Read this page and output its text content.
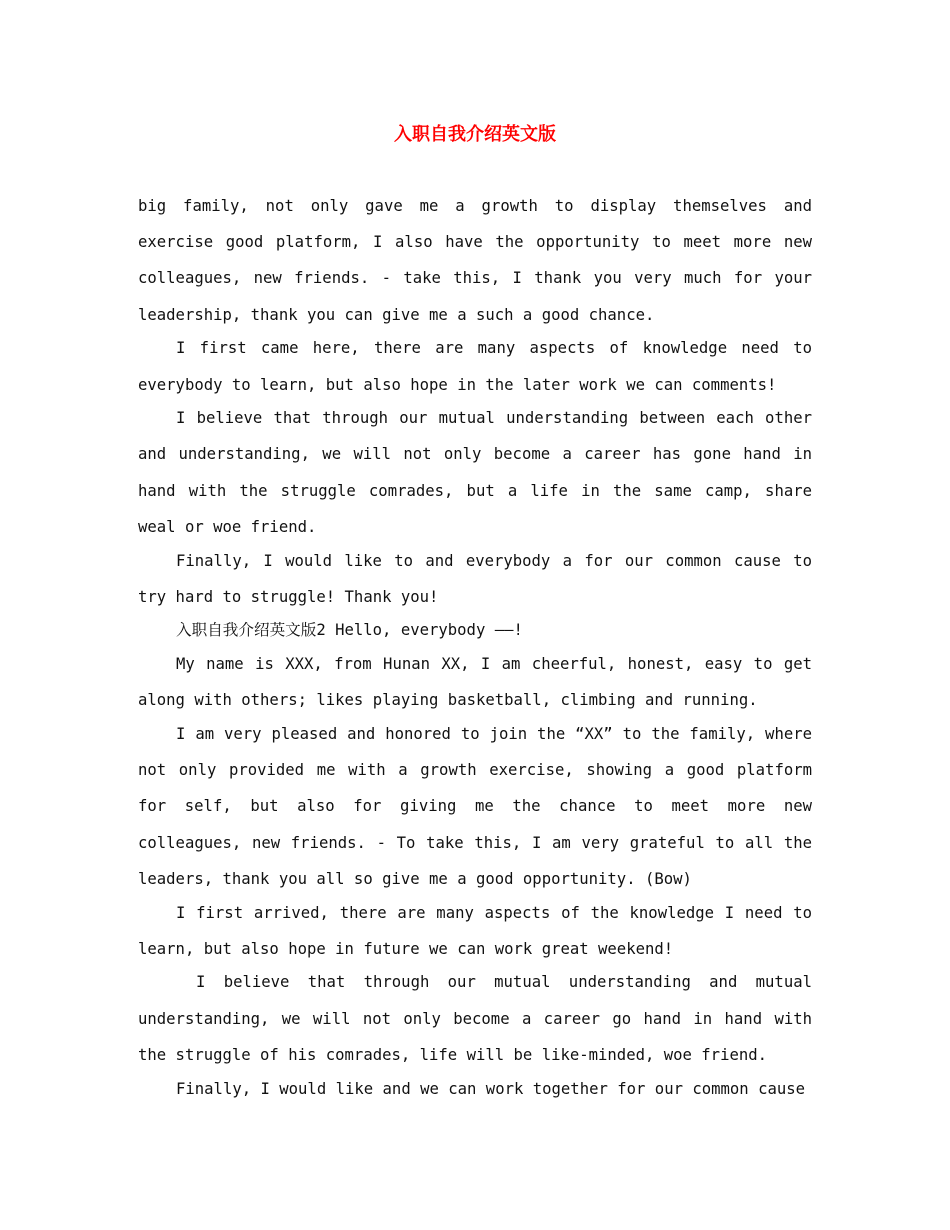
入职自我介绍英文版

big family, not only gave me a growth to display themselves and exercise good platform, I also have the opportunity to meet more new colleagues, new friends. - take this, I thank you very much for your leadership, thank you can give me a such a good chance.

I first came here, there are many aspects of knowledge need to everybody to learn, but also hope in the later work we can comments!

I believe that through our mutual understanding between each other and understanding, we will not only become a career has gone hand in hand with the struggle comrades, but a life in the same camp, share weal or woe friend.

Finally, I would like to and everybody a for our common cause to try hard to struggle! Thank you!

入职自我介绍英文版2 Hello, everybody ——!

My name is XXX, from Hunan XX, I am cheerful, honest, easy to get along with others; likes playing basketball, climbing and running.

I am very pleased and honored to join the “XX” to the family, where not only provided me with a growth exercise, showing a good platform for self, but also for giving me the chance to meet more new colleagues, new friends. - To take this, I am very grateful to all the leaders, thank you all so give me a good opportunity. (Bow)

I first arrived, there are many aspects of the knowledge I need to learn, but also hope in future we can work great weekend!

I believe that through our mutual understanding and mutual understanding, we will not only become a career go hand in hand with the struggle of his comrades, life will be like-minded, woe friend.

Finally, I would like and we can work together for our common cause
